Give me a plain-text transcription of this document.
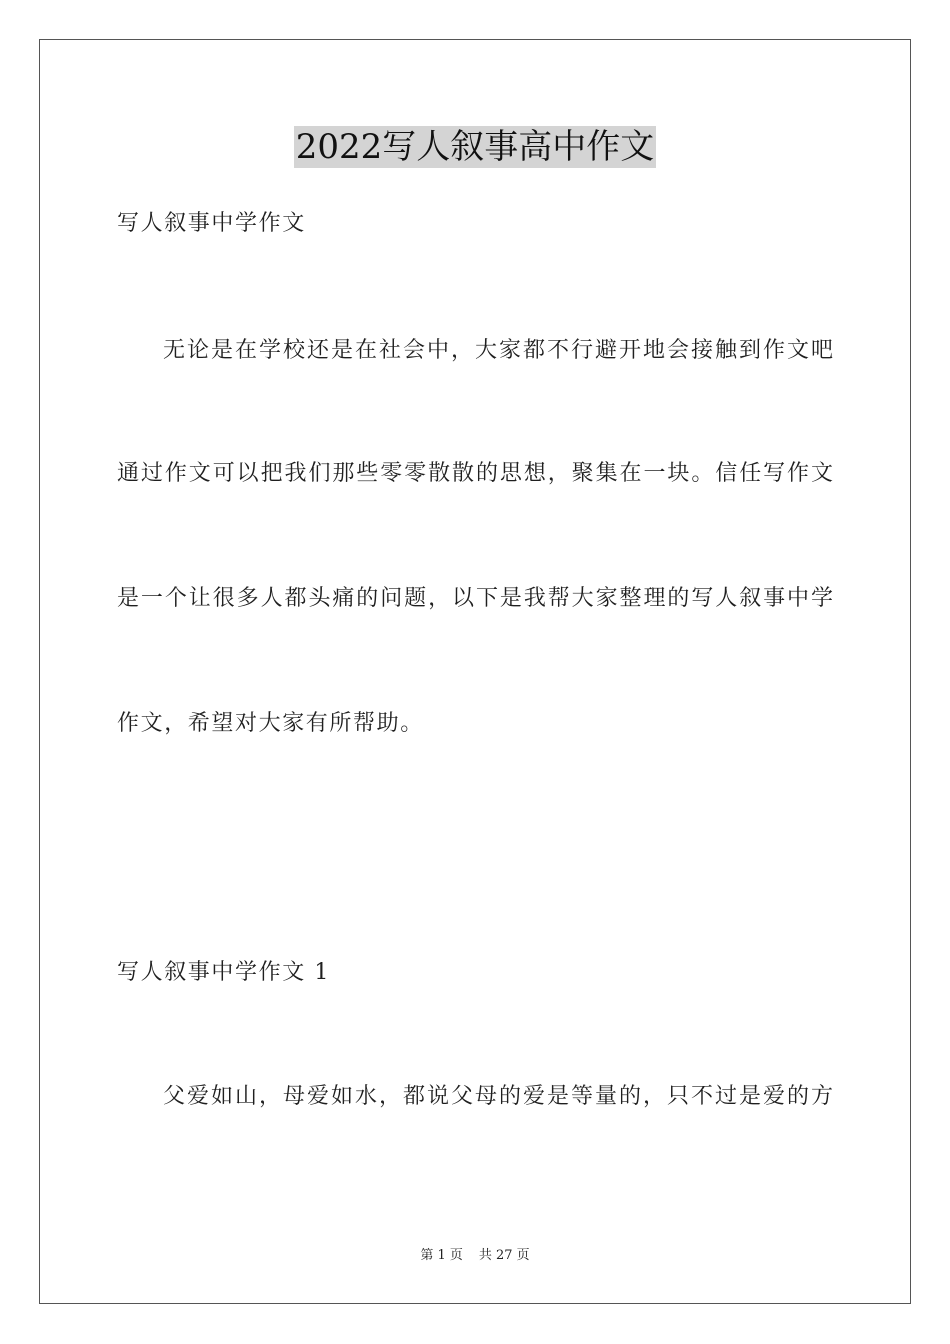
2022写人叙事高中作文
写人叙事中学作文
无论是在学校还是在社会中，大家都不行避开地会接触到作文吧
通过作文可以把我们那些零零散散的思想，聚集在一块。信任写作文
是一个让很多人都头痛的问题，以下是我帮大家整理的写人叙事中学
作文，希望对大家有所帮助。
写人叙事中学作文 1
父爱如山，母爱如水，都说父母的爱是等量的，只不过是爱的方
第 1 页 共 27 页
